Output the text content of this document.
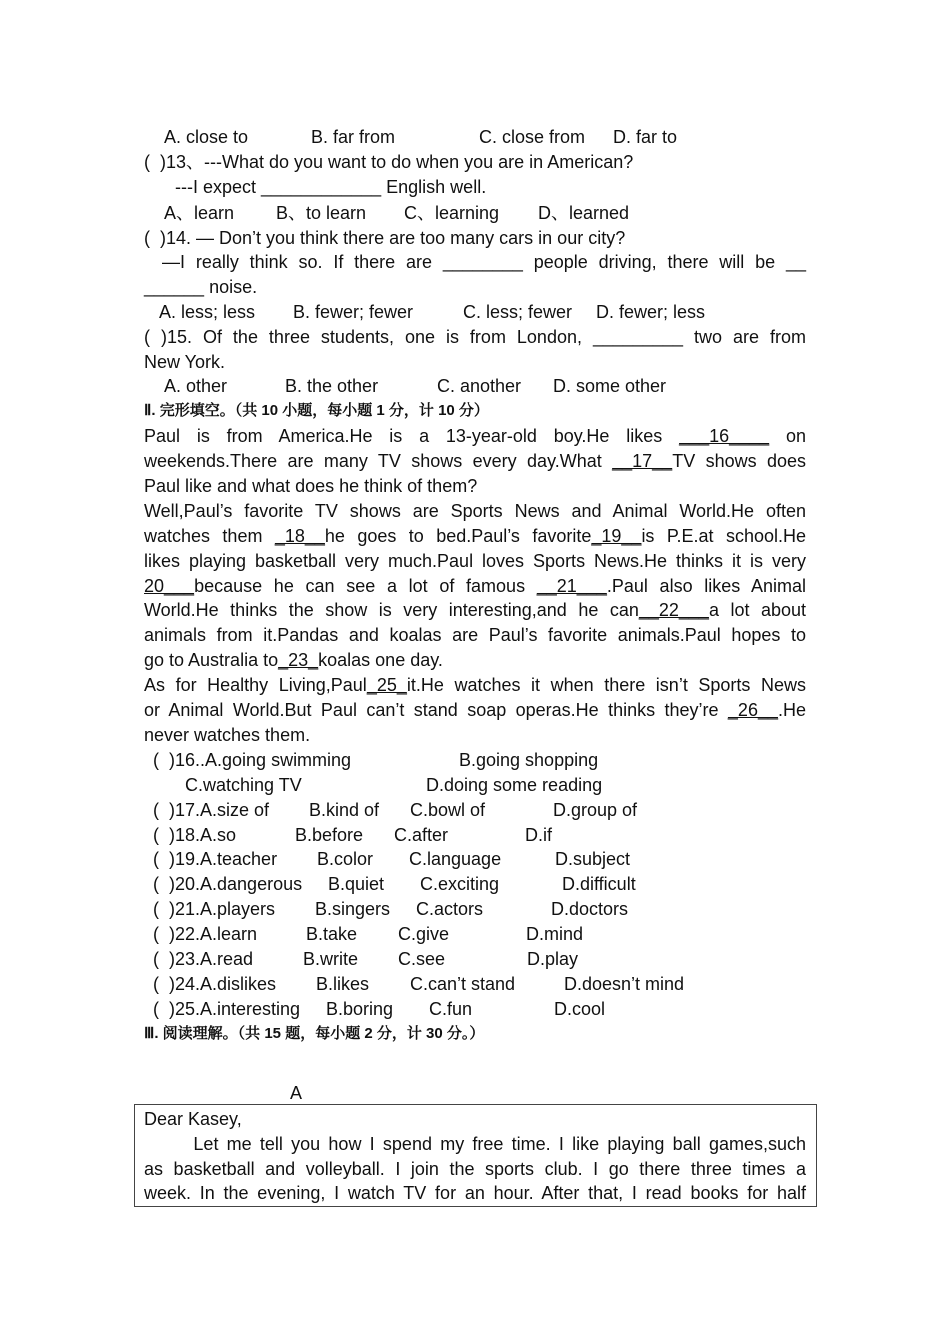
A. close to	B. far from	C. close from D. far to
(  )13、---What do you want to do when you are in American?
---I expect ____________ English well.
A、learn B、to learn C、learning D、learned
(  )14. — Don’t you think there are too many cars in our city?
—I really think so. If there are ________ people driving, there will be __
______ noise.
A. less; less B. fewer; fewer	C. less; fewer D. fewer; less
( )15. Of the three students, one is from London, _________ two are from
New York.
A. other	B. the other	C. another D. some other
Ⅱ. 完形填空。（共 10 小题，每小题 1 分，计 10 分）
Paul is from America.He is a 13-year-old boy.He likes ___16____ on
weekends.There are many TV shows every day.What __17__TV shows does
Paul like and what does he think of them?
Well,Paul’s favorite TV shows are Sports News and Animal World.He often
watches them _18__he goes to bed.Paul’s favorite_19__is P.E.at school.He
likes playing basketball very much.Paul loves Sports News.He thinks it is very
20___because he can see a lot of famous __21___.Paul also likes Animal
World.He thinks the show is very interesting,and he can__22___a lot about
animals from it.Pandas and koalas are Paul’s favorite animals.Paul hopes to
go to Australia to_23_koalas one day.
As for Healthy Living,Paul_25_it.He watches it when there isn’t Sports News
or Animal World.But Paul can’t stand soap operas.He thinks they’re _26__.He
never watches them.
(  )16..A.going swimming	B.going shopping
C.watching TV	D.doing some reading
(  )17.A.size of B.kind of C.bowl of	D.group of
(  )18.A.so	B.before C.after	D.if
(  )19.A.teacher B.color C.language	D.subject
(  )20.A.dangerous B.quiet C.exciting	D.difficult
(  )21.A.players B.singers C.actors	D.doctors
(  )22.A.learn	B.take C.give	D.mind
(  )23.A.read	B.write C.see	D.play
(  )24.A.dislikes B.likes C.can’t stand	D.doesn’t mind
(  )25.A.interesting B.boring C.fun	D.cool
Ⅲ. 阅读理解。（共 15 题，每小题 2 分，计 30 分。）
A
Dear Kasey,
Let me tell you how I spend my free time. I like playing ball games,such
as basketball and volleyball. I join the sports club. I go there three times a
week. In the evening, I watch TV for an hour. After that, I read books for half
